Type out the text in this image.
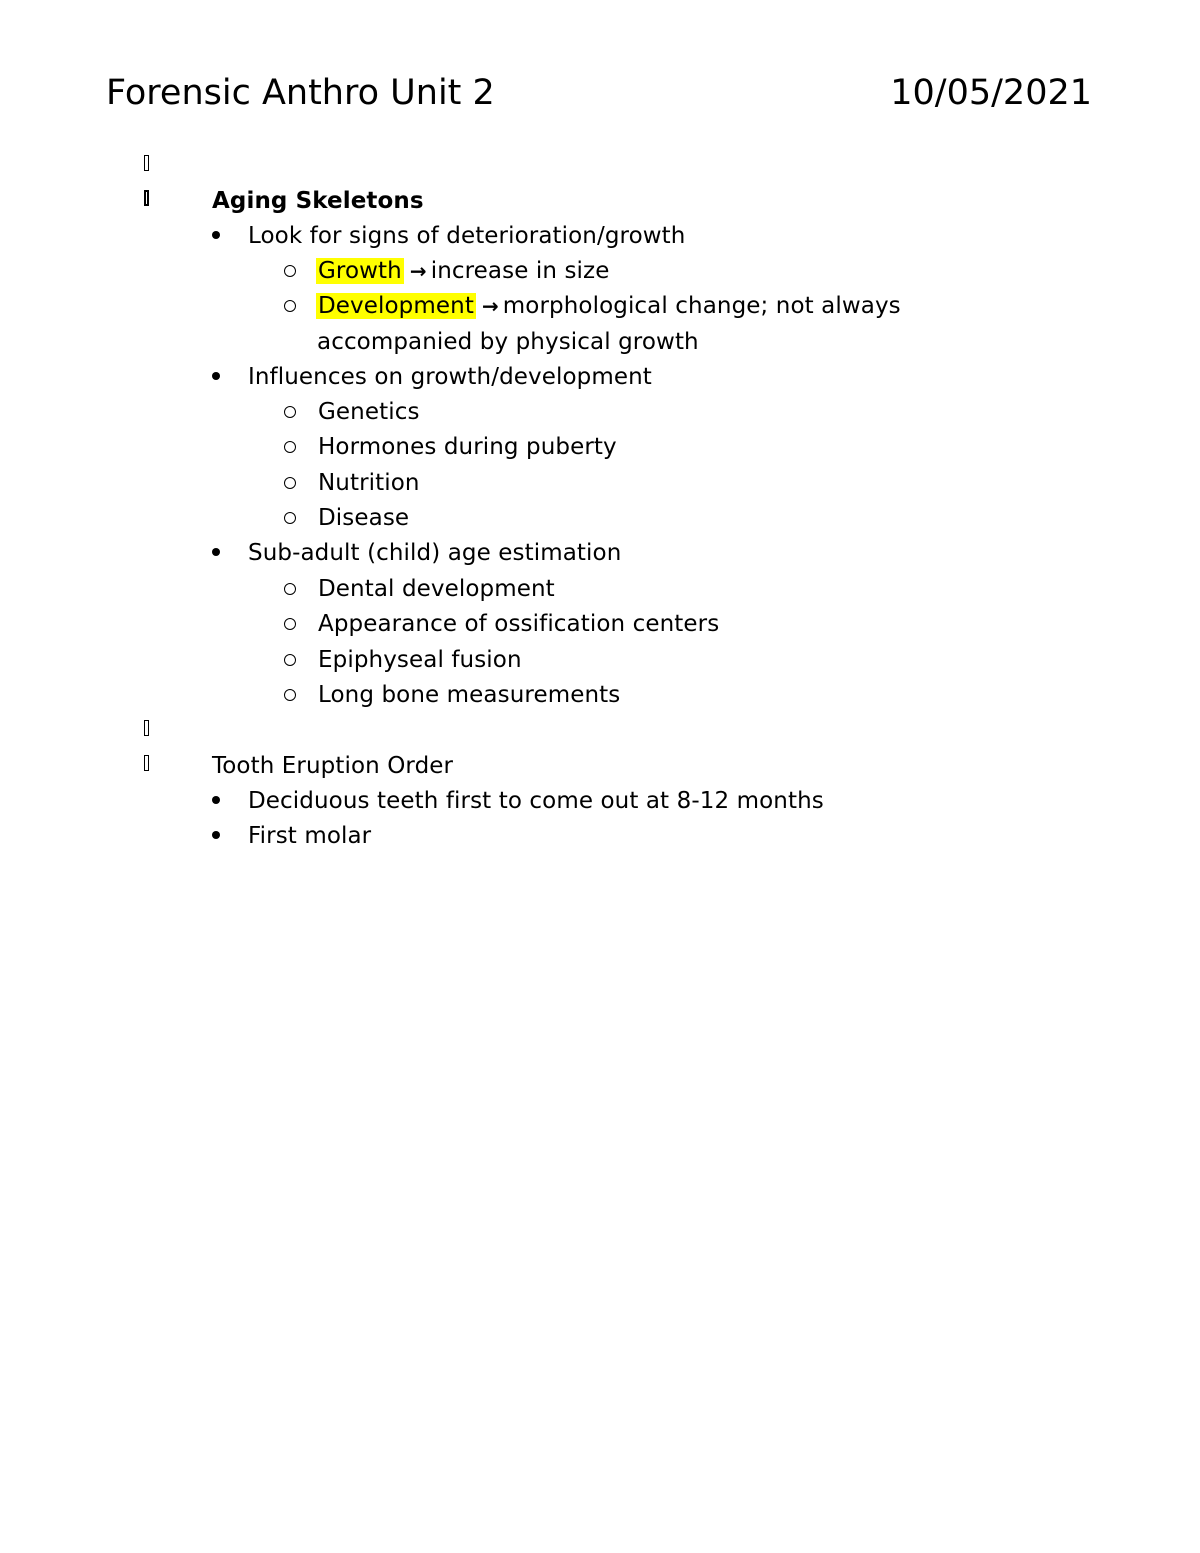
Forensic Anthro Unit 2	10/05/2021
Aging Skeletons
Look for signs of deterioration/growth
Growth → increase in size
Development → morphological change; not always
accompanied by physical growth
Influences on growth/development
Genetics
Hormones during puberty
Nutrition
Disease
Sub-adult (child) age estimation
Dental development
Appearance of ossification centers
Epiphyseal fusion
Long bone measurements
Tooth Eruption Order
Deciduous teeth first to come out at 8-12 months
First molar
